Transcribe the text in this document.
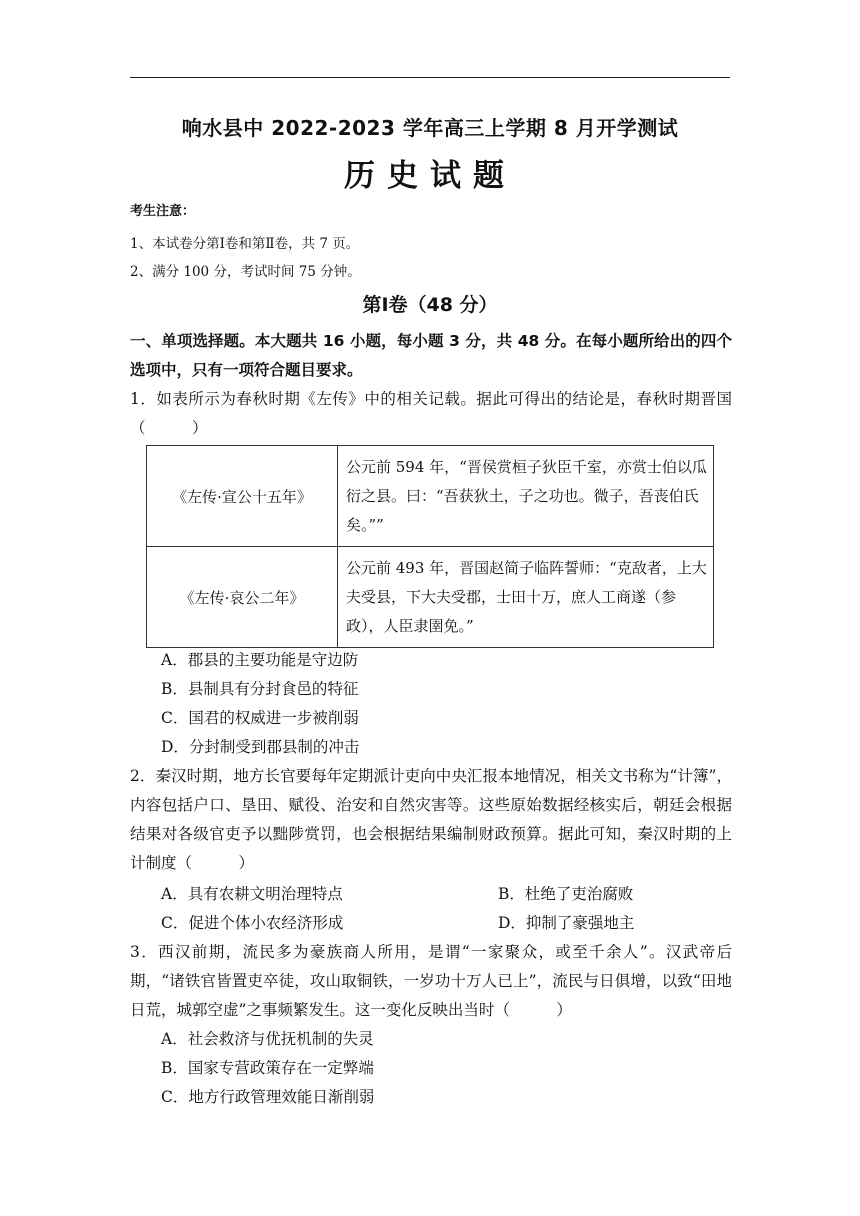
响水县中 2022-2023 学年高三上学期 8 月开学测试
历史试题
考生注意：
1、本试卷分第Ⅰ卷和第Ⅱ卷，共 7 页。
2、满分 100 分，考试时间 75 分钟。
第Ⅰ卷（48 分）
一、单项选择题。本大题共 16 小题，每小题 3 分，共 48 分。在每小题所给出的四个选项中，只有一项符合题目要求。
1．如表所示为春秋时期《左传》中的相关记载。据此可得出的结论是，春秋时期晋国（　　　）
《左传·宣公十五年》	公元前 594 年，“晋侯赏桓子狄臣千室，亦赏士伯以瓜衍之县。曰：“吾获狄土，子之功也。微子，吾丧伯氏矣。””
《左传·哀公二年》	公元前 493 年，晋国赵简子临阵誓师：“克敌者，上大夫受县，下大夫受郡，士田十万，庶人工商遂（参政），人臣隶圉免。”
A．郡县的主要功能是守边防
B．县制具有分封食邑的特征
C．国君的权威进一步被削弱
D．分封制受到郡县制的冲击
2．秦汉时期，地方长官要每年定期派计吏向中央汇报本地情况，相关文书称为“计簿”，内容包括户口、垦田、赋役、治安和自然灾害等。这些原始数据经核实后，朝廷会根据结果对各级官吏予以黜陟赏罚，也会根据结果编制财政预算。据此可知，秦汉时期的上计制度（　　　）
A．具有农耕文明治理特点	B．杜绝了吏治腐败
C．促进个体小农经济形成	D．抑制了豪强地主
3．西汉前期，流民多为豪族商人所用，是谓“一家聚众，或至千余人”。汉武帝后期，“诸铁官皆置吏卒徒，攻山取铜铁，一岁功十万人已上”，流民与日俱增，以致“田地日荒，城郭空虚”之事频繁发生。这一变化反映出当时（　　　）
A．社会救济与优抚机制的失灵
B．国家专营政策存在一定弊端
C．地方行政管理效能日渐削弱
